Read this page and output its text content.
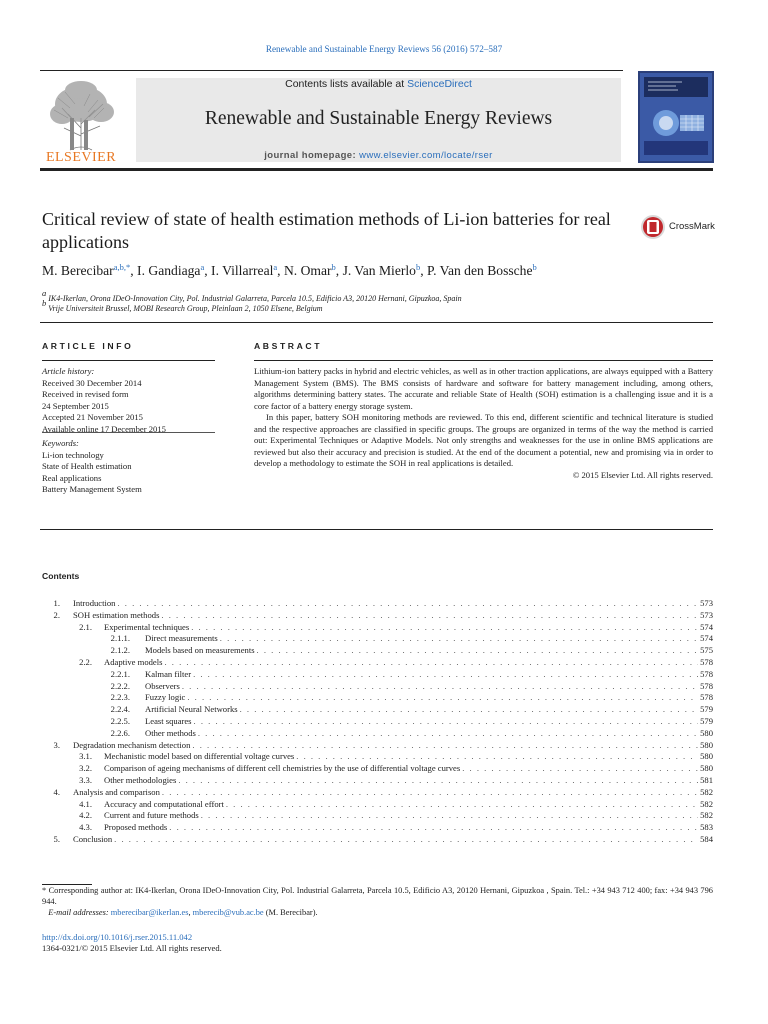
Renewable and Sustainable Energy Reviews 56 (2016) 572–587
ELSEVIER
Contents lists available at ScienceDirect
Renewable and Sustainable Energy Reviews
journal homepage: www.elsevier.com/locate/rser
Critical review of state of health estimation methods of Li-ion batteries for real applications
CrossMark
M. Berecibar$^{a,b,*}$, I. Gandiaga$^a$, I. Villarreal$^a$, N. Omar$^b$, J. Van Mierlo$^b$, P. Van den Bossche$^b$
$^a$ IK4-Ikerlan, Orona IDeO-Innovation City, Pol. Industrial Galarreta, Parcela 10.5, Edificio A3, 20120 Hernani, Gipuzkoa, Spain
$^b$ Vrije Universiteit Brussel, MOBI Research Group, Pleinlaan 2, 1050 Elsene, Belgium
ARTICLE INFO	ABSTRACT
Article history:
Received 30 December 2014
Received in revised form
24 September 2015
Accepted 21 November 2015
Available online 17 December 2015
Keywords:
Li-ion technology
State of Health estimation
Real applications
Battery Management System

Lithium-ion battery packs in hybrid and electric vehicles, as well as in other traction applications, are always equipped with a Battery Management System (BMS). The BMS consists of hardware and software for battery management including, among others, algorithms determining battery states. The accurate and reliable State of Health (SOH) estimation is a challenging issue and it is a core factor of a battery energy storage system.

In this paper, battery SOH monitoring methods are reviewed. To this end, different scientific and technical literature is studied and the respective approaches are classified in specific groups. The groups are organized in terms of the way the method is carried out: Experimental Techniques or Adaptive Models. Not only strengths and weaknesses for the use in online BMS applications are reviewed but also their accuracy and precision is studied. At the end of the document a potential, new and promising via in order to develop a methodology to estimate the SOH in real applications is detailed.

© 2015 Elsevier Ltd. All rights reserved.
Contents
1. Introduction . . .	573
2. SOH estimation methods . . .	573
2.1. Experimental techniques . . .	574
2.1.1. Direct measurements . . .	574
2.1.2. Models based on measurements . . .	575
2.2. Adaptive models . . .	578
2.2.1. Kalman filter . . .	578
2.2.2. Observers . . .	578
2.2.3. Fuzzy logic . . .	578
2.2.4. Artificial Neural Networks . . .	579
2.2.5. Least squares . . .	579
2.2.6. Other methods . . .	580
3. Degradation mechanism detection . . .	580
3.1. Mechanistic model based on differential voltage curves . . .	580
3.2. Comparison of ageing mechanisms of different cell chemistries by the use of differential voltage curves . . .	580
3.3. Other methodologies . . .	581
4. Analysis and comparison . . .	582
4.1. Accuracy and computational effort . . .	582
4.2. Current and future methods . . .	582
4.3. Proposed methods . . .	583
5. Conclusion . . .	584
* Corresponding author at: IK4-Ikerlan, Orona IDeO-Innovation City, Pol. Industrial Galarreta, Parcela 10.5, Edificio A3, 20120 Hernani, Gipuzkoa , Spain. Tel.: +34 943 712 400; fax: +34 943 796 944.
E-mail addresses: mberecibar@ikerlan.es, mberecib@vub.ac.be (M. Berecibar).
http://dx.doi.org/10.1016/j.rser.2015.11.042
1364-0321/© 2015 Elsevier Ltd. All rights reserved.
